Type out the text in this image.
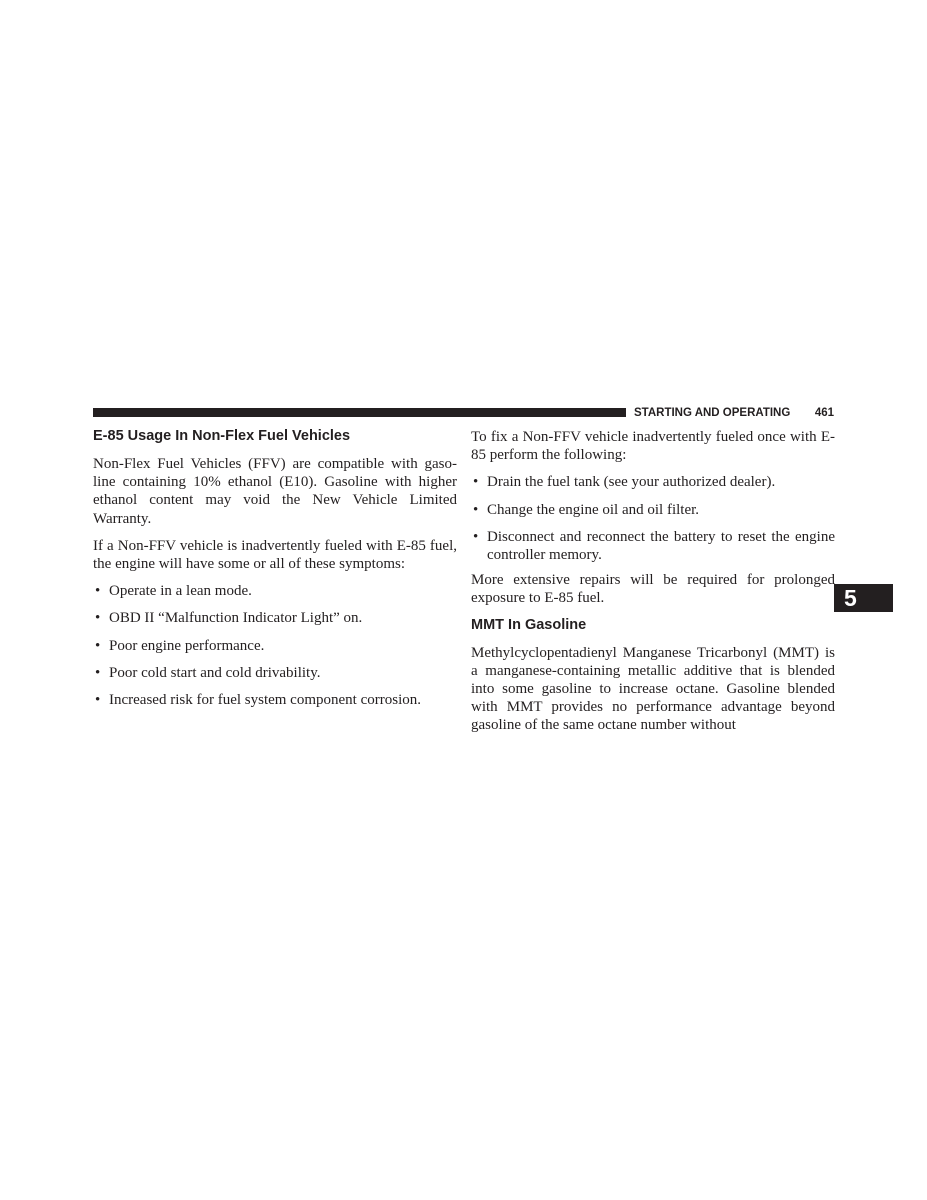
STARTING AND OPERATING 461
5
E-85 Usage In Non-Flex Fuel Vehicles

Non-Flex Fuel Vehicles (FFV) are compatible with gaso-line containing 10% ethanol (E10). Gasoline with higher ethanol content may void the New Vehicle Limited Warranty.

If a Non-FFV vehicle is inadvertently fueled with E-85 fuel, the engine will have some or all of these symptoms:

• Operate in a lean mode.
• OBD II “Malfunction Indicator Light” on.
• Poor engine performance.
• Poor cold start and cold drivability.
• Increased risk for fuel system component corrosion.

To fix a Non-FFV vehicle inadvertently fueled once with E-85 perform the following:

• Drain the fuel tank (see your authorized dealer).
• Change the engine oil and oil filter.
• Disconnect and reconnect the battery to reset the engine controller memory.

More extensive repairs will be required for prolonged exposure to E-85 fuel.

MMT In Gasoline

Methylcyclopentadienyl Manganese Tricarbonyl (MMT) is a manganese-containing metallic additive that is blended into some gasoline to increase octane. Gasoline blended with MMT provides no performance advantage beyond gasoline of the same octane number without
